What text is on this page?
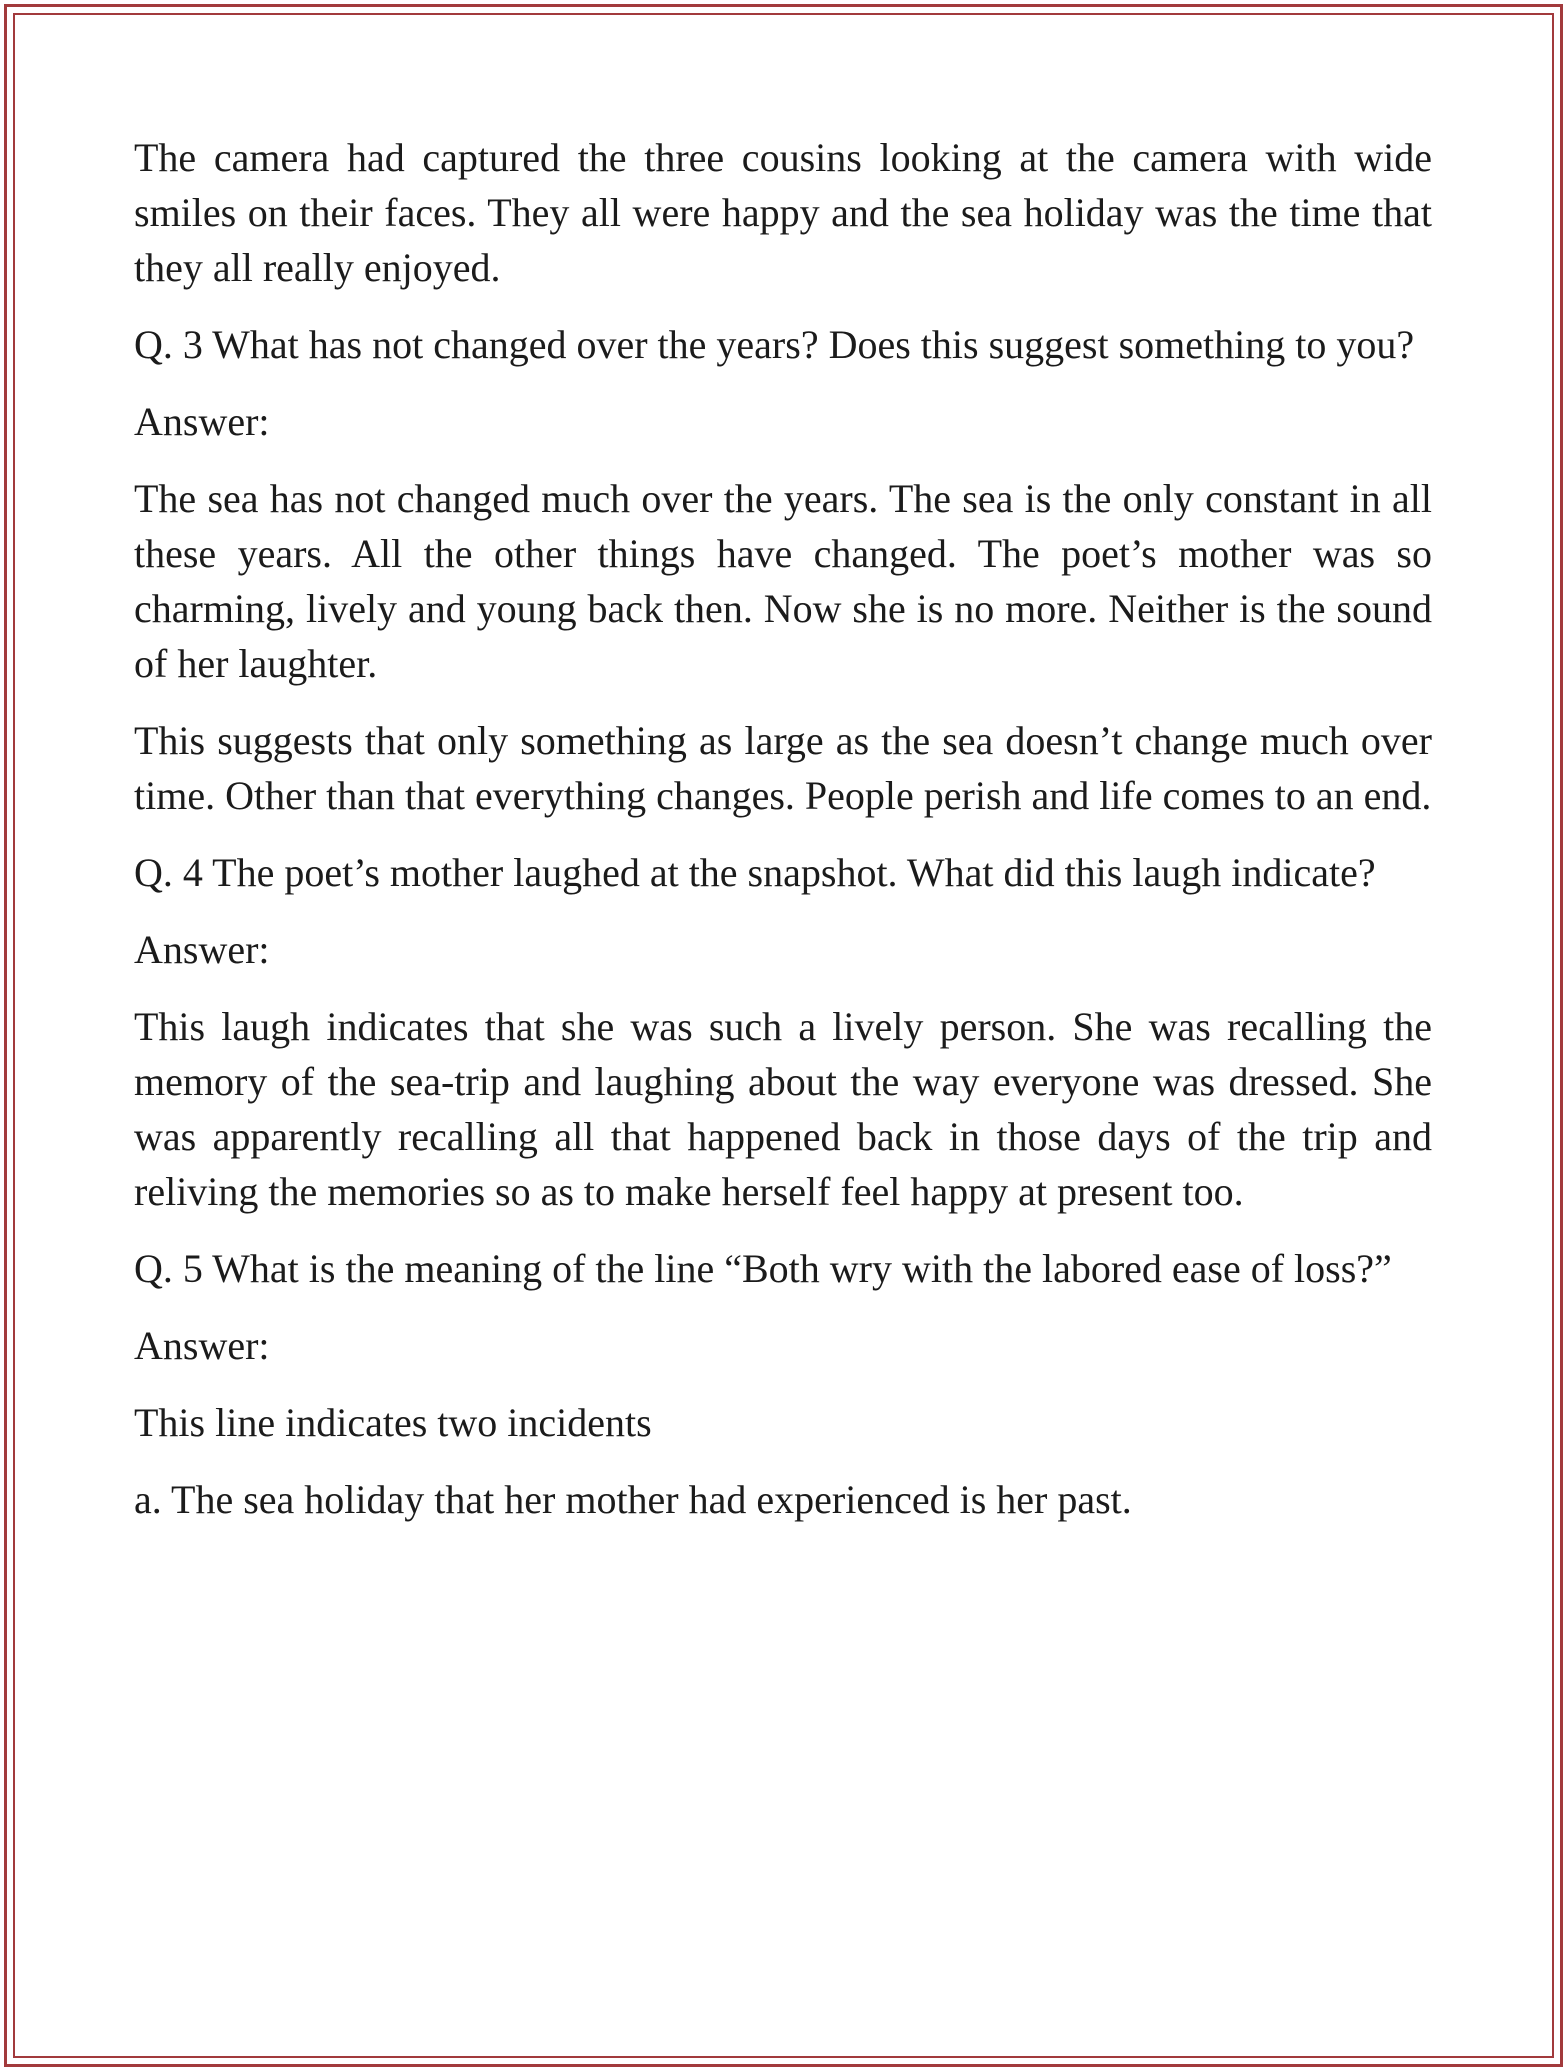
The camera had captured the three cousins looking at the camera with wide smiles on their faces. They all were happy and the sea holiday was the time that they all really enjoyed.

Q. 3 What has not changed over the years? Does this suggest something to you?

Answer:

The sea has not changed much over the years. The sea is the only constant in all these years. All the other things have changed. The poet’s mother was so charming, lively and young back then. Now she is no more. Neither is the sound of her laughter.

This suggests that only something as large as the sea doesn’t change much over time. Other than that everything changes. People perish and life comes to an end.

Q. 4 The poet’s mother laughed at the snapshot. What did this laugh indicate?

Answer:

This laugh indicates that she was such a lively person. She was recalling the memory of the sea-trip and laughing about the way everyone was dressed. She was apparently recalling all that happened back in those days of the trip and reliving the memories so as to make herself feel happy at present too.

Q. 5 What is the meaning of the line “Both wry with the labored ease of loss?”

Answer:

This line indicates two incidents

a. The sea holiday that her mother had experienced is her past.
